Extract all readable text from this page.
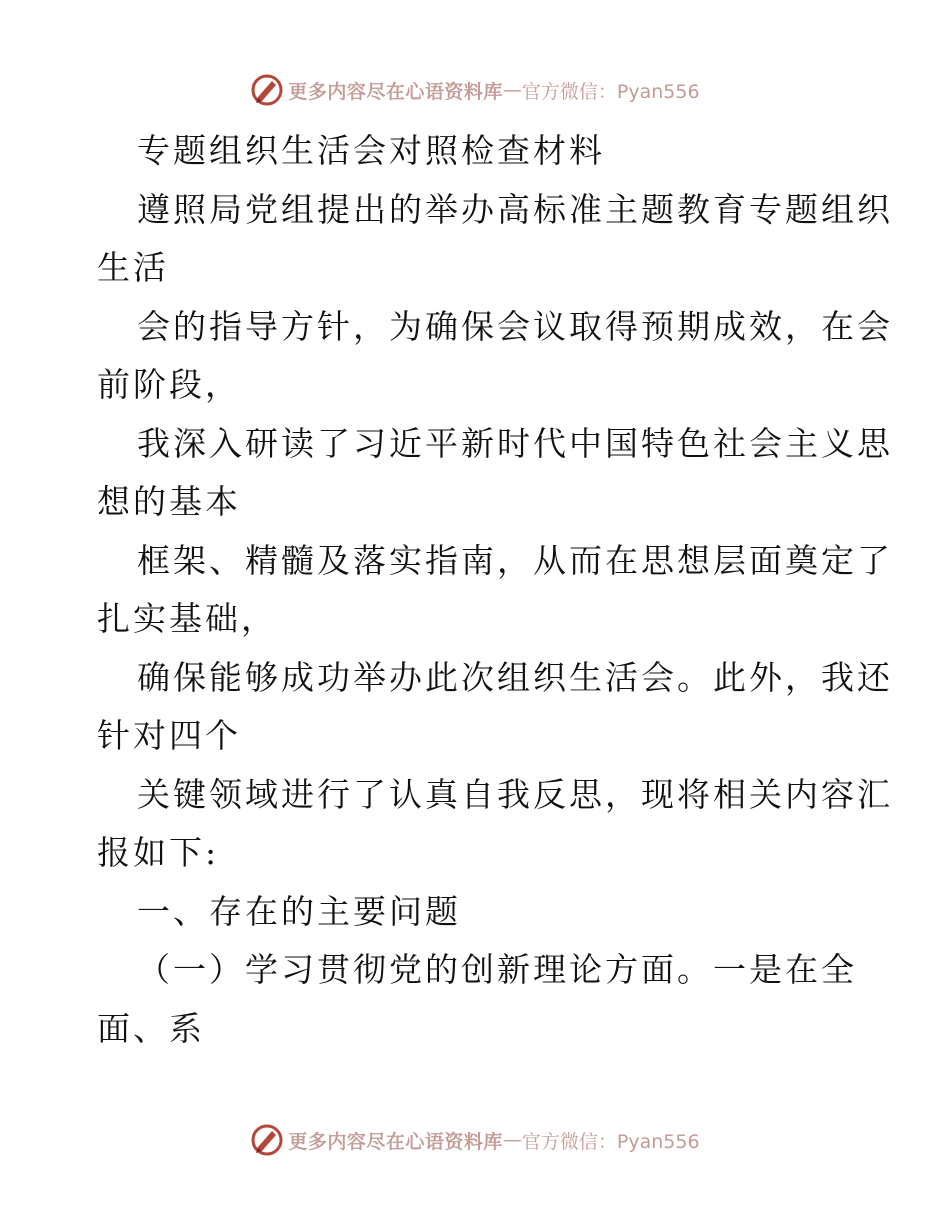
更多内容尽在心语资料库 — 官方微信：Pyan556

专题组织生活会对照检查材料

遵照局党组提出的举办高标准主题教育专题组织

生活

会的指导方针，为确保会议取得预期成效，在会

前阶段，

我深入研读了习近平新时代中国特色社会主义思

想的基本

框架、精髓及落实指南，从而在思想层面奠定了

扎实基础，

确保能够成功举办此次组织生活会。此外，我还

针对四个

关键领域进行了认真自我反思，现将相关内容汇

报如下:

一、存在的主要问题

（一）学习贯彻党的创新理论方面。一是在全

面、系

更多内容尽在心语资料库 — 官方微信：Pyan556
